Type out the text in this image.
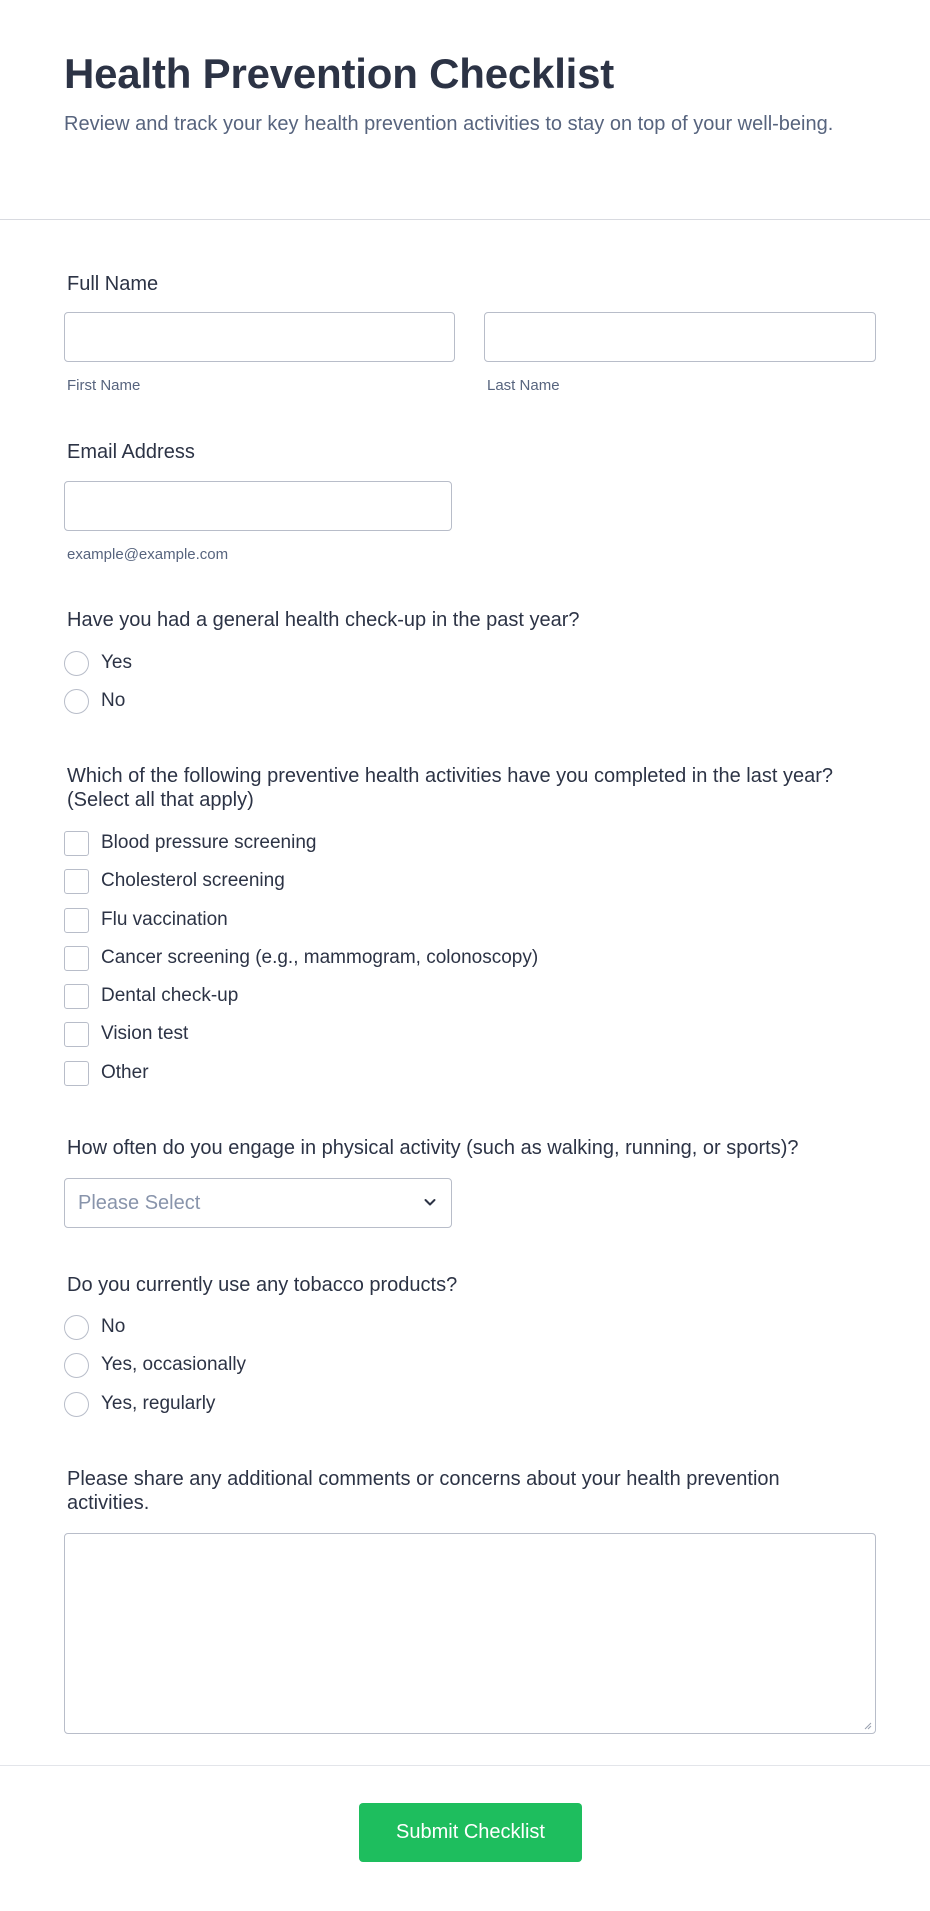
Health Prevention Checklist
Review and track your key health prevention activities to stay on top of your well-being.
Full Name
First Name	Last Name
Email Address
example@example.com
Have you had a general health check-up in the past year?
Yes
No
Which of the following preventive health activities have you completed in the last year? (Select all that apply)
Blood pressure screening
Cholesterol screening
Flu vaccination
Cancer screening (e.g., mammogram, colonoscopy)
Dental check-up
Vision test
Other
How often do you engage in physical activity (such as walking, running, or sports)?
Please Select
Do you currently use any tobacco products?
No
Yes, occasionally
Yes, regularly
Please share any additional comments or concerns about your health prevention activities.
Submit Checklist
